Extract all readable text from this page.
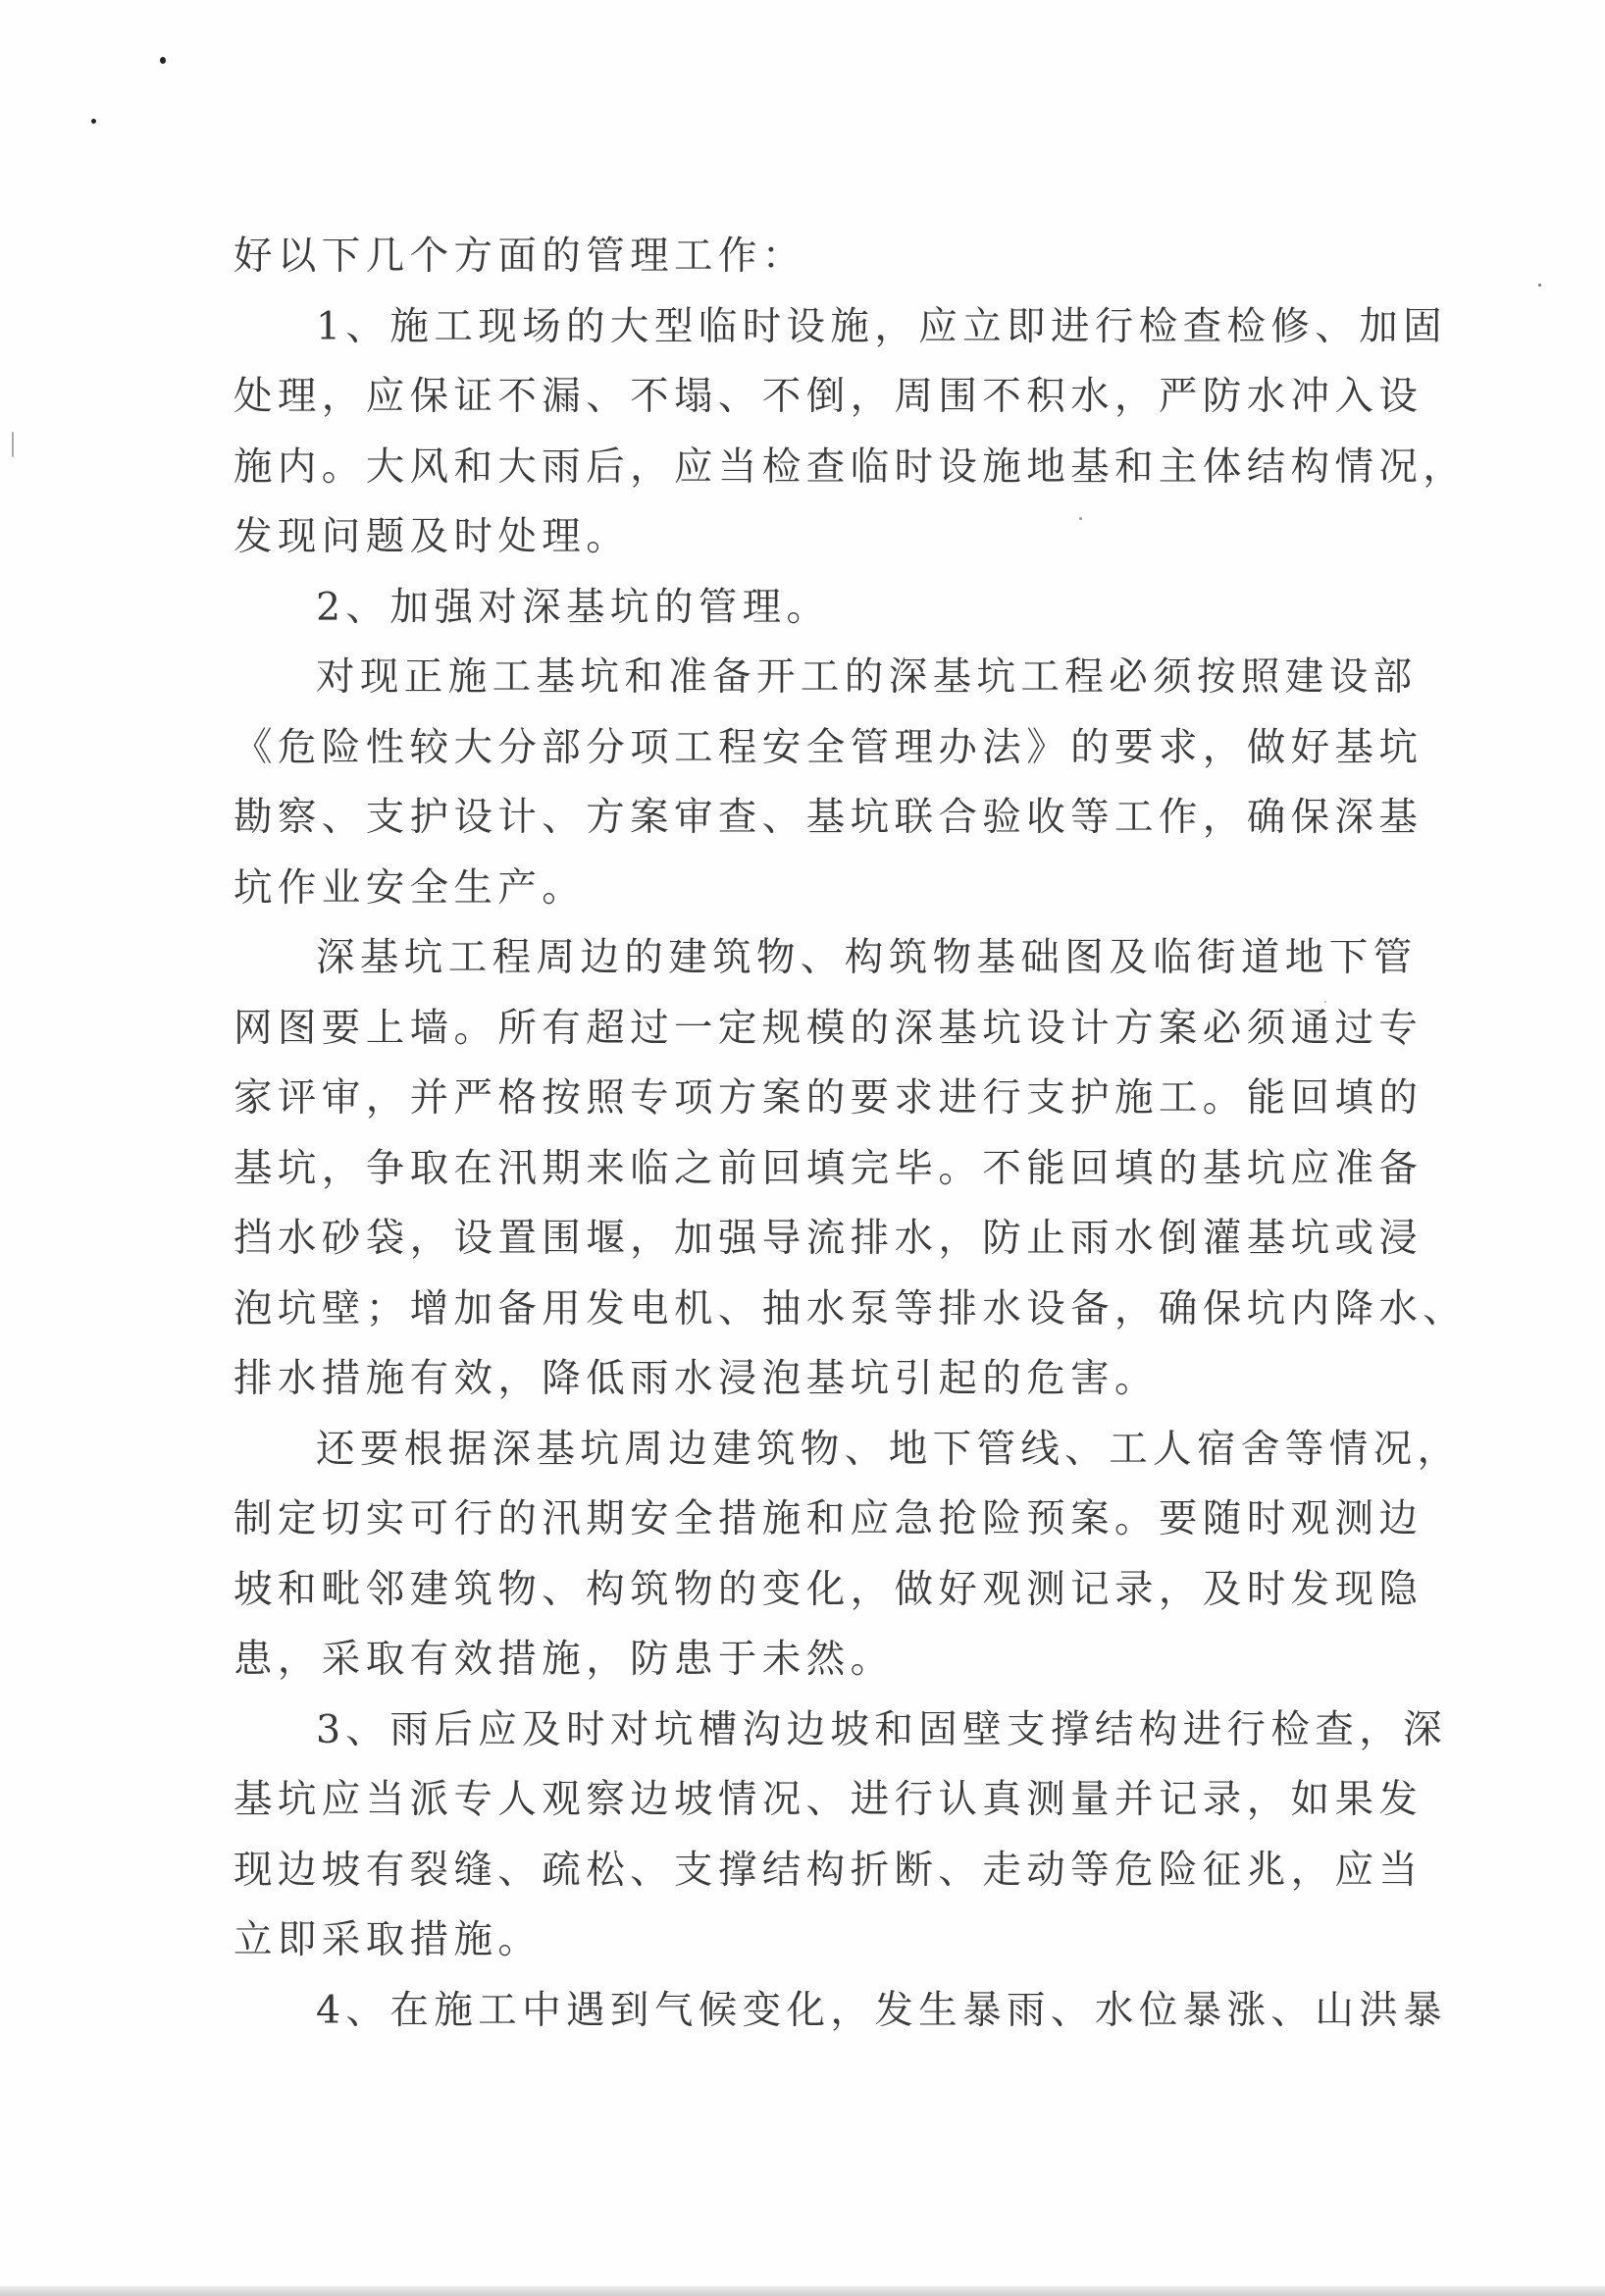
好以下几个方面的管理工作：
1、施工现场的大型临时设施，应立即进行检查检修、加固
处理，应保证不漏、不塌、不倒，周围不积水，严防水冲入设
施内。大风和大雨后，应当检查临时设施地基和主体结构情况，
发现问题及时处理。
2、加强对深基坑的管理。
对现正施工基坑和准备开工的深基坑工程必须按照建设部
《危险性较大分部分项工程安全管理办法》的要求，做好基坑
勘察、支护设计、方案审查、基坑联合验收等工作，确保深基
坑作业安全生产。
深基坑工程周边的建筑物、构筑物基础图及临街道地下管
网图要上墙。所有超过一定规模的深基坑设计方案必须通过专
家评审，并严格按照专项方案的要求进行支护施工。能回填的
基坑，争取在汛期来临之前回填完毕。不能回填的基坑应准备
挡水砂袋，设置围堰，加强导流排水，防止雨水倒灌基坑或浸
泡坑壁；增加备用发电机、抽水泵等排水设备，确保坑内降水、
排水措施有效，降低雨水浸泡基坑引起的危害。
还要根据深基坑周边建筑物、地下管线、工人宿舍等情况，
制定切实可行的汛期安全措施和应急抢险预案。要随时观测边
坡和毗邻建筑物、构筑物的变化，做好观测记录，及时发现隐
患，采取有效措施，防患于未然。
3、雨后应及时对坑槽沟边坡和固壁支撑结构进行检查，深
基坑应当派专人观察边坡情况、进行认真测量并记录，如果发
现边坡有裂缝、疏松、支撑结构折断、走动等危险征兆，应当
立即采取措施。
4、在施工中遇到气候变化，发生暴雨、水位暴涨、山洪暴
